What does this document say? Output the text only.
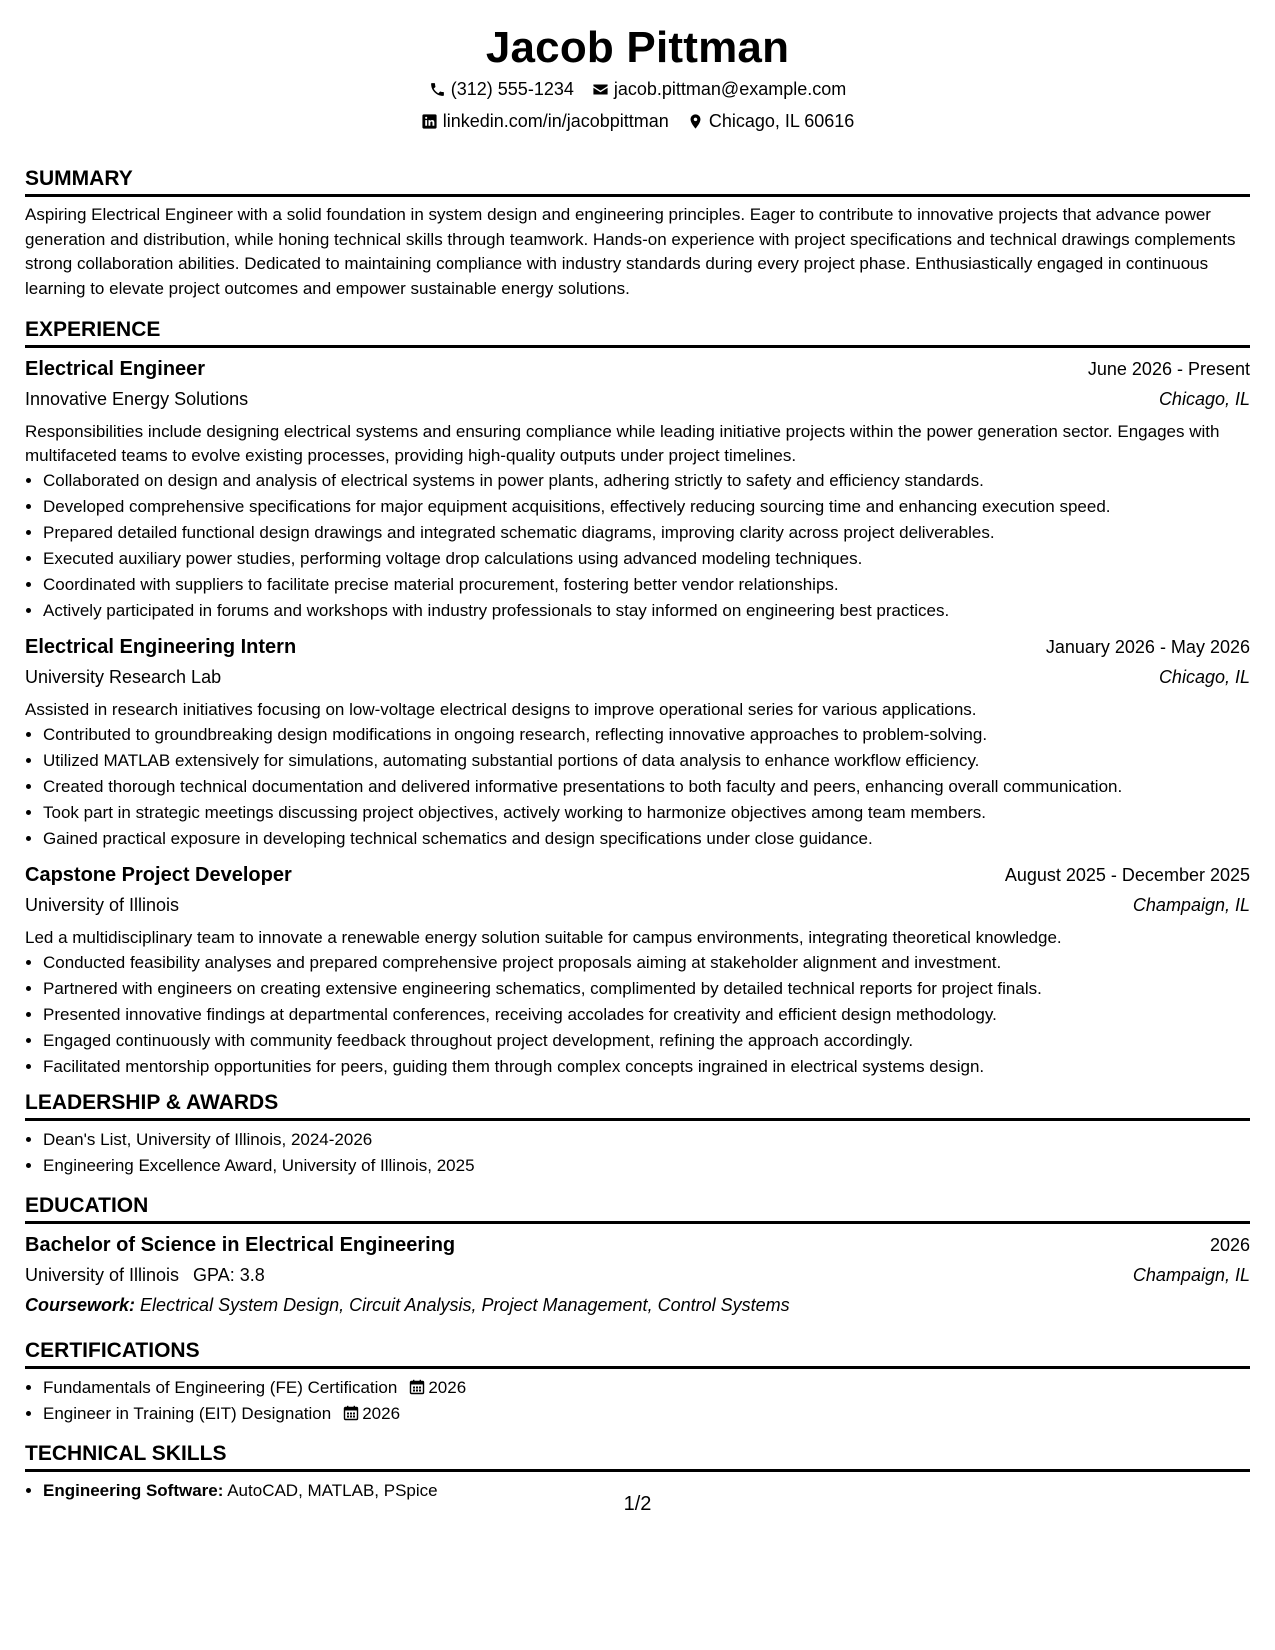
Jacob Pittman
(312) 555-1234 jacob.pittman@example.com
linkedin.com/in/jacobpittman Chicago, IL 60616
SUMMARY
Aspiring Electrical Engineer with a solid foundation in system design and engineering principles. Eager to contribute to innovative projects that advance power generation and distribution, while honing technical skills through teamwork. Hands-on experience with project specifications and technical drawings complements strong collaboration abilities. Dedicated to maintaining compliance with industry standards during every project phase. Enthusiastically engaged in continuous learning to elevate project outcomes and empower sustainable energy solutions.
EXPERIENCE
Electrical Engineer	June 2026 - Present
Innovative Energy Solutions	Chicago, IL
Responsibilities include designing electrical systems and ensuring compliance while leading initiative projects within the power generation sector. Engages with multifaceted teams to evolve existing processes, providing high-quality outputs under project timelines.
• Collaborated on design and analysis of electrical systems in power plants, adhering strictly to safety and efficiency standards.
• Developed comprehensive specifications for major equipment acquisitions, effectively reducing sourcing time and enhancing execution speed.
• Prepared detailed functional design drawings and integrated schematic diagrams, improving clarity across project deliverables.
• Executed auxiliary power studies, performing voltage drop calculations using advanced modeling techniques.
• Coordinated with suppliers to facilitate precise material procurement, fostering better vendor relationships.
• Actively participated in forums and workshops with industry professionals to stay informed on engineering best practices.
Electrical Engineering Intern	January 2026 - May 2026
University Research Lab	Chicago, IL
Assisted in research initiatives focusing on low-voltage electrical designs to improve operational series for various applications.
• Contributed to groundbreaking design modifications in ongoing research, reflecting innovative approaches to problem-solving.
• Utilized MATLAB extensively for simulations, automating substantial portions of data analysis to enhance workflow efficiency.
• Created thorough technical documentation and delivered informative presentations to both faculty and peers, enhancing overall communication.
• Took part in strategic meetings discussing project objectives, actively working to harmonize objectives among team members.
• Gained practical exposure in developing technical schematics and design specifications under close guidance.
Capstone Project Developer	August 2025 - December 2025
University of Illinois	Champaign, IL
Led a multidisciplinary team to innovate a renewable energy solution suitable for campus environments, integrating theoretical knowledge.
• Conducted feasibility analyses and prepared comprehensive project proposals aiming at stakeholder alignment and investment.
• Partnered with engineers on creating extensive engineering schematics, complimented by detailed technical reports for project finals.
• Presented innovative findings at departmental conferences, receiving accolades for creativity and efficient design methodology.
• Engaged continuously with community feedback throughout project development, refining the approach accordingly.
• Facilitated mentorship opportunities for peers, guiding them through complex concepts ingrained in electrical systems design.
LEADERSHIP & AWARDS
• Dean's List, University of Illinois, 2024-2026
• Engineering Excellence Award, University of Illinois, 2025
EDUCATION
Bachelor of Science in Electrical Engineering	2026
University of Illinois GPA: 3.8	Champaign, IL
Coursework: Electrical System Design, Circuit Analysis, Project Management, Control Systems
CERTIFICATIONS
• Fundamentals of Engineering (FE) Certification 2026
• Engineer in Training (EIT) Designation 2026
TECHNICAL SKILLS
• Engineering Software: AutoCAD, MATLAB, PSpice
1/2
